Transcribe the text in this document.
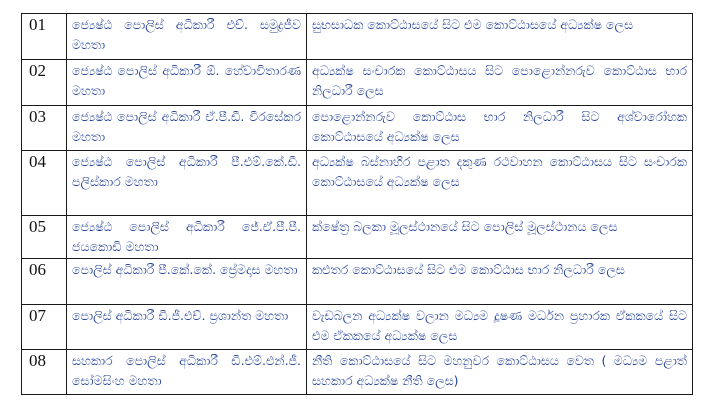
01	ජ්‍යෙෂ්ඨ පොලිස් අධිකාරී එච්. සමුද්‍රජීව මහතා	සුභසාධක කොට්ඨාසයේ සිට එම කොට්ඨාසයේ අධ්‍යක්ෂ ලෙස
02	ජ්‍යෙෂ්ඨ පොලිස් අධිකාරී ඕ. හේවාවිතාරණ මහතා	අධ්‍යක්ෂ සංචාරක කොට්ඨාසය සිට පොළොන්නරුව කොට්ඨාස භාර නිලධාරී ලෙස
03	ජ්‍යෙෂ්ඨ පොලිස් අධිකාරී ඒ.පී.ඩී. වීරසේකර මහතා	පොළොන්නරුව කොට්ඨාස භාර නිලධාරී සිට අශ්වාරෝහක කොට්ඨාසයේ අධ්‍යක්ෂ ලෙස
04	ජ්‍යෙෂ්ඨ පොලිස් අධිකාරී පී.එම්.කේ.ඩී. පලිස්කාර මහතා	අධ්‍යක්ෂ බස්නාහිර පළාත දකුණ රථවාහන කොට්ඨාසය සිට සංචාරක කොට්ඨාසයේ අධ්‍යක්ෂ ලෙස
05	ජ්‍යෙෂ්ඨ පොලිස් අධිකාරී ජේ.ඒ.පී.පී. ජයකොඩි මහතා	ක්ෂේත්‍ර බලකා මූලස්ථානයේ සිට පොලිස් මූලස්ථානය ලෙස
06	පොලිස් අධිකාරී පී.කේ.කේ. ප්‍රේමදාස මහතා	කළුතර කොට්ඨාසයේ සිට එම කොට්ඨාස භාර නිලධාරී ලෙස
07	පොලිස් අධිකාරී ඩී.ජී.එච්. ප්‍රශාන්ත මහතා	වැඩබලන අධ්‍යක්ෂ වලාන මධ්‍යම දූෂණ මර්ධන ප්‍රහාරක ඒකකයේ සිට එම ඒකකයේ අධ්‍යක්ෂ ලෙස
08	සහකාර පොලිස් අධිකාරී ඩී.එම්.එන්.ජී. සෝමසිංහ මහතා	නීති කොට්ඨාසයේ සිට මහනුවර කොට්ඨාසය වෙත ( මධ්‍යම පළාත් සහකාර අධ්‍යක්ෂ නීති ලෙස)
